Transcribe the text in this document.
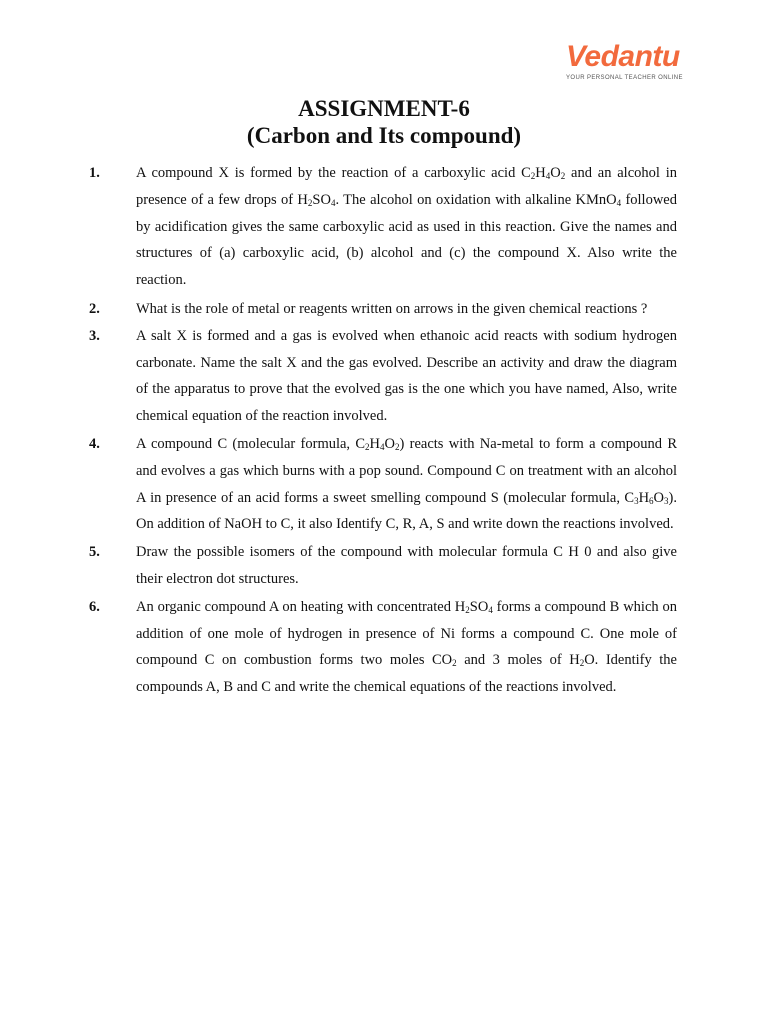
Vedantu
YOUR PERSONAL TEACHER ONLINE
ASSIGNMENT-6
(Carbon and Its compound)
1. A compound X is formed by the reaction of a carboxylic acid $C_2H_4O_2$ and an alcohol in presence of a few drops of $H_2SO_4$. The alcohol on oxidation with alkaline KMnO$_4$ followed by acidification gives the same carboxylic acid as used in this reaction. Give the names and structures of (a) carboxylic acid, (b) alcohol and (c) the compound X. Also write the reaction.
2. What is the role of metal or reagents written on arrows in the given chemical reactions ?
3. A salt X is formed and a gas is evolved when ethanoic acid reacts with sodium hydrogen carbonate. Name the salt X and the gas evolved. Describe an activity and draw the diagram of the apparatus to prove that the evolved gas is the one which you have named, Also, write chemical equation of the reaction involved.
4. A compound C (molecular formula, $C_2H_4O_2$) reacts with Na-metal to form a compound R and evolves a gas which burns with a pop sound. Compound C on treatment with an alcohol A in presence of an acid forms a sweet smelling compound S (molecular formula, $C_3H_6O_3$). On addition of NaOH to C, it also Identify C, R, A, S and write down the reactions involved.
5. Draw the possible isomers of the compound with molecular formula C H 0 and also give their electron dot structures.
6. An organic compound A on heating with concentrated $H_2SO_4$ forms a compound B which on addition of one mole of hydrogen in presence of Ni forms a compound C. One mole of compound C on combustion forms two moles $CO_2$ and 3 moles of $H_2O$. Identify the compounds A, B and C and write the chemical equations of the reactions involved.
